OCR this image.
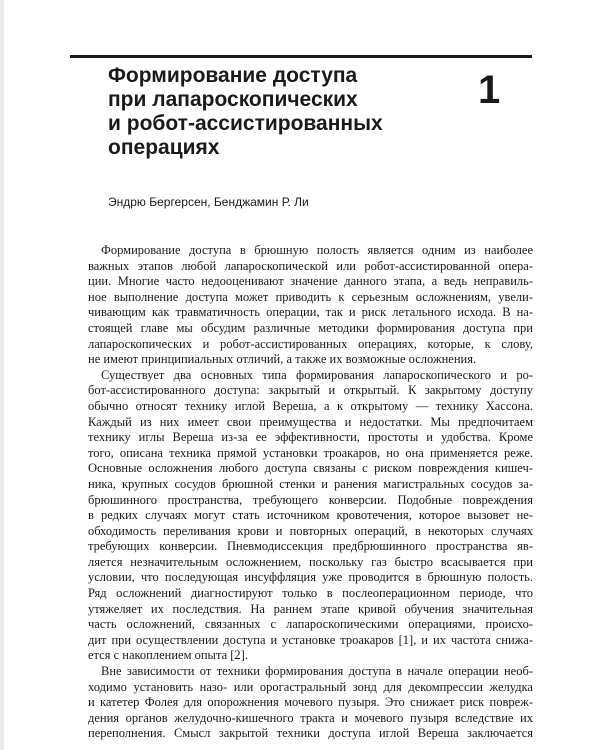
Формирование доступа
при лапароскопических
и робот-ассистированных
операциях
1
Эндрю Бергерсен, Бенджамин Р. Ли
Формирование доступа в брюшную полость является одним из наиболее
важных этапов любой лапароскопической или робот-ассистированной опера-
ции. Многие часто недооценивают значение данного этапа, а ведь неправиль-
ное выполнение доступа может приводить к серьезным осложнениям, увели-
чивающим как травматичность операции, так и риск летального исхода. В на-
стоящей главе мы обсудим различные методики формирования доступа при
лапароскопических и робот-ассистированных операциях, которые, к слову,
не имеют принципиальных отличий, а также их возможные осложнения.
Существует два основных типа формирования лапароскопического и ро-
бот-ассистированного доступа: закрытый и открытый. К закрытому доступу
обычно относят технику иглой Вереша, а к открытому — технику Хассона.
Каждый из них имеет свои преимущества и недостатки. Мы предпочитаем
технику иглы Вереша из-за ее эффективности, простоты и удобства. Кроме
того, описана техника прямой установки троакаров, но она применяется реже.
Основные осложнения любого доступа связаны с риском повреждения кишеч-
ника, крупных сосудов брюшной стенки и ранения магистральных сосудов за-
брюшинного пространства, требующего конверсии. Подобные повреждения
в редких случаях могут стать источником кровотечения, которое вызовет не-
обходимость переливания крови и повторных операций, в некоторых случаях
требующих конверсии. Пневмодиссекция предбрюшинного пространства яв-
ляется незначительным осложнением, поскольку газ быстро всасывается при
условии, что последующая инсуффляция уже проводится в брюшную полость.
Ряд осложнений диагностируют только в послеоперационном периоде, что
утяжеляет их последствия. На раннем этапе кривой обучения значительная
часть осложнений, связанных с лапароскопическими операциями, происхо-
дит при осуществлении доступа и установке троакаров [1], и их частота снижа-
ется с накоплением опыта [2].
Вне зависимости от техники формирования доступа в начале операции необ-
ходимо установить назо- или орогастральный зонд для декомпрессии желудка
и катетер Фолея для опорожнения мочевого пузыря. Это снижает риск повреж-
дения органов желудочно-кишечного тракта и мочевого пузыря вследствие их
переполнения. Смысл закрытой техники доступа иглой Вереша заключается
